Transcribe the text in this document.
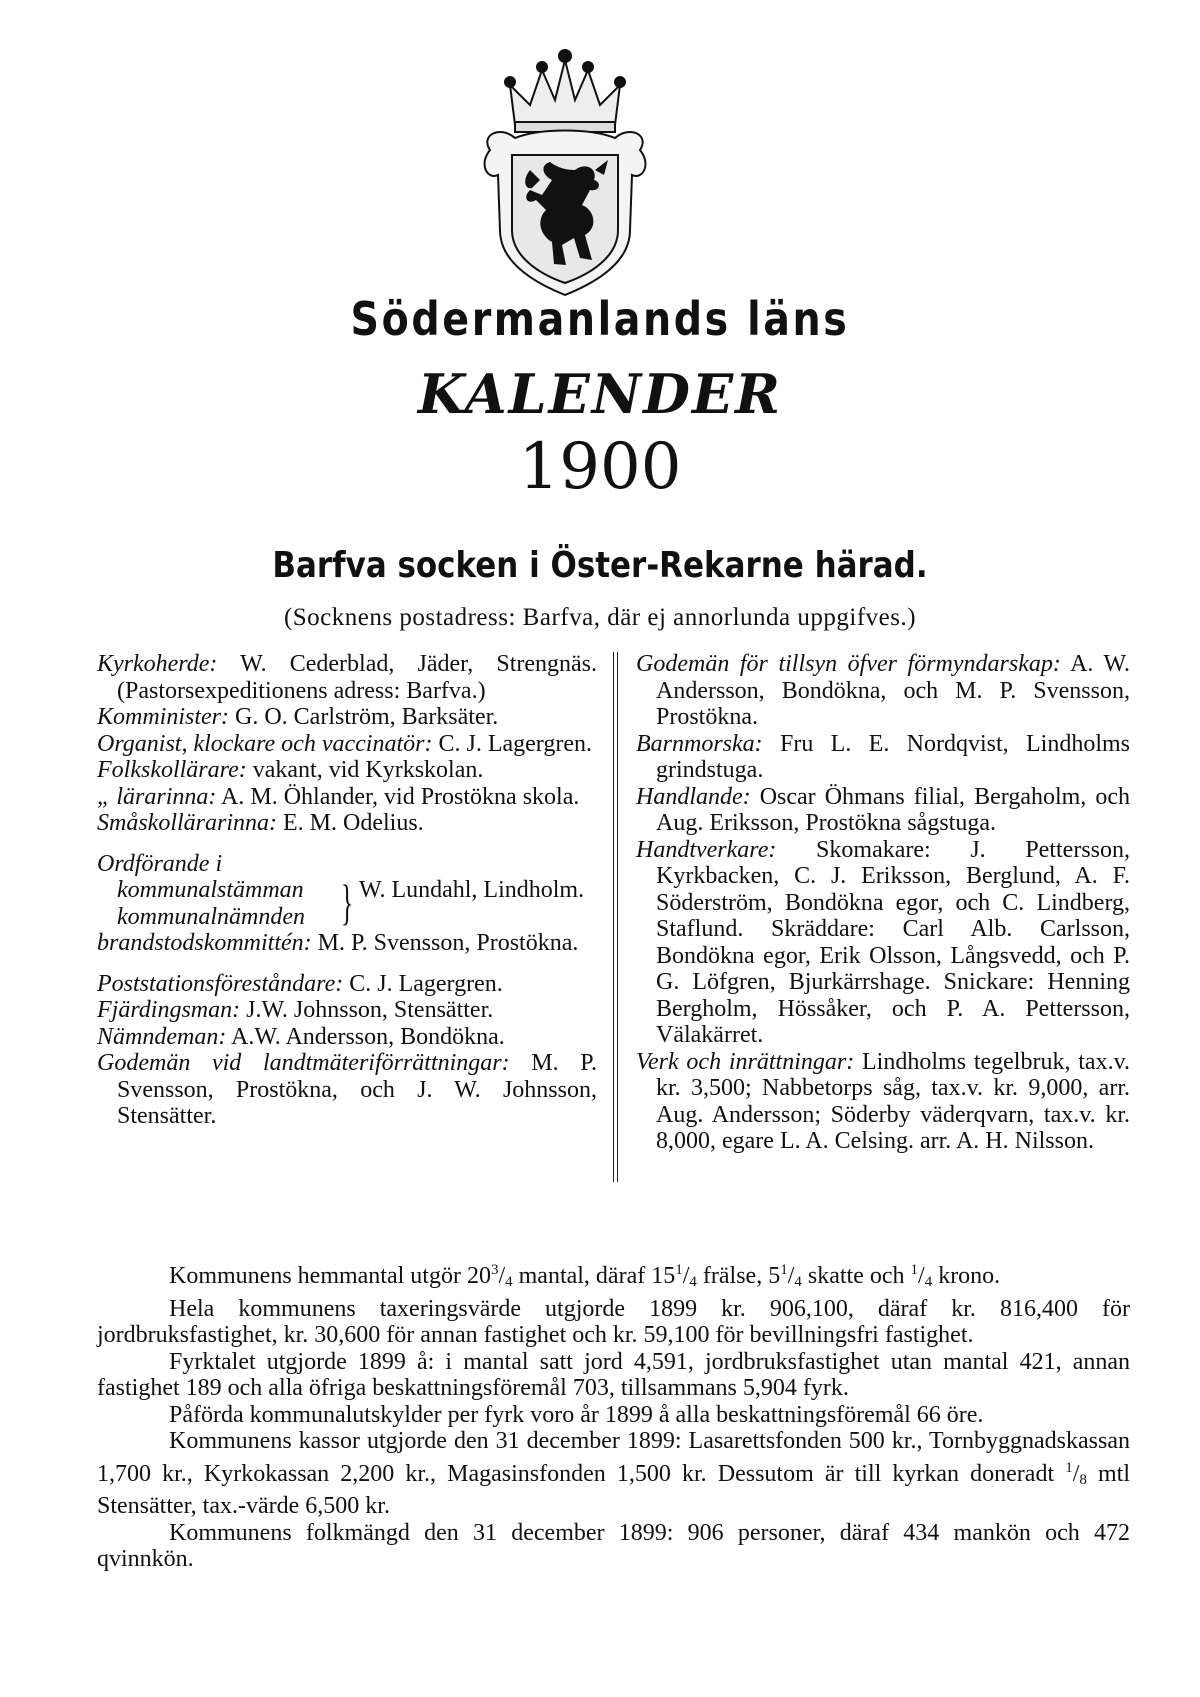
Södermanlands läns
KALENDER
1900
Barfva socken i Öster-Rekarne härad.
(Socknens postadress: Barfva, där ej annorlunda uppgifves.)

Kyrkoherde: W. Cederblad, Jäder, Strengnäs. (Pastorsexpeditionens adress: Barfva.)

Komminister: G. O. Carlström, Barksäter.

Organist, klockare och vaccinatör: C. J. Lagergren.

Folkskollärare: vakant, vid Kyrkskolan.

„ lärarinna: A. M. Öhlander, vid Prostökna skola.

Småskollärarinna: E. M. Odelius.

Ordförande i

kommunalstämman
kommunalnämnden } W. Lundahl, Lindholm.

brandstodskommittén: M. P. Svensson, Prostökna.

Poststationsföreståndare: C. J. Lagergren.

Fjärdingsman: J.W. Johnsson, Stensätter.

Nämndeman: A.W. Andersson, Bondökna.

Godemän vid landtmäteriförrättningar: M. P. Svensson, Prostökna, och J. W. Johnsson, Stensätter.

Godemän för tillsyn öfver förmyndarskap: A. W. Andersson, Bondökna, och M. P. Svensson, Prostökna.

Barnmorska: Fru L. E. Nordqvist, Lindholms grindstuga.

Handlande: Oscar Öhmans filial, Bergaholm, och Aug. Eriksson, Prostökna sågstuga.

Handtverkare: Skomakare: J. Pettersson, Kyrkbacken, C. J. Eriksson, Berglund, A. F. Söderström, Bondökna egor, och C. Lindberg, Staflund. Skräddare: Carl Alb. Carlsson, Bondökna egor, Erik Olsson, Långsvedd, och P. G. Löfgren, Bjurkärrshage. Snickare: Henning Bergholm, Hössåker, och P. A. Pettersson, Välakärret.

Verk och inrättningar: Lindholms tegelbruk, tax.v. kr. 3,500; Nabbetorps såg, tax.v. kr. 9,000, arr. Aug. Andersson; Söderby väderqvarn, tax.v. kr. 8,000, egare L. A. Celsing. arr. A. H. Nilsson.

Kommunens hemmantal utgör $20^3/_4$ mantal, däraf $15^1/_4$ frälse, $5^1/_4$ skatte och $^1/_4$ krono.

Hela kommunens taxeringsvärde utgjorde 1899 kr. 906,100, däraf kr. 816,400 för jordbruksfastighet, kr. 30,600 för annan fastighet och kr. 59,100 för bevillningsfri fastighet.

Fyrktalet utgjorde 1899 å: i mantal satt jord 4,591, jordbruksfastighet utan mantal 421, annan fastighet 189 och alla öfriga beskattningsföremål 703, tillsammans 5,904 fyrk.

Påförda kommunalutskylder per fyrk voro år 1899 å alla beskattningsföremål 66 öre.

Kommunens kassor utgjorde den 31 december 1899: Lasarettsfonden 500 kr., Tornbyggnadskassan 1,700 kr., Kyrkokassan 2,200 kr., Magasinsfonden 1,500 kr. Dessutom är till kyrkan doneradt $^1/_8$ mtl Stensätter, tax.-värde 6,500 kr.

Kommunens folkmängd den 31 december 1899: 906 personer, däraf 434 mankön och 472 qvinnkön.
